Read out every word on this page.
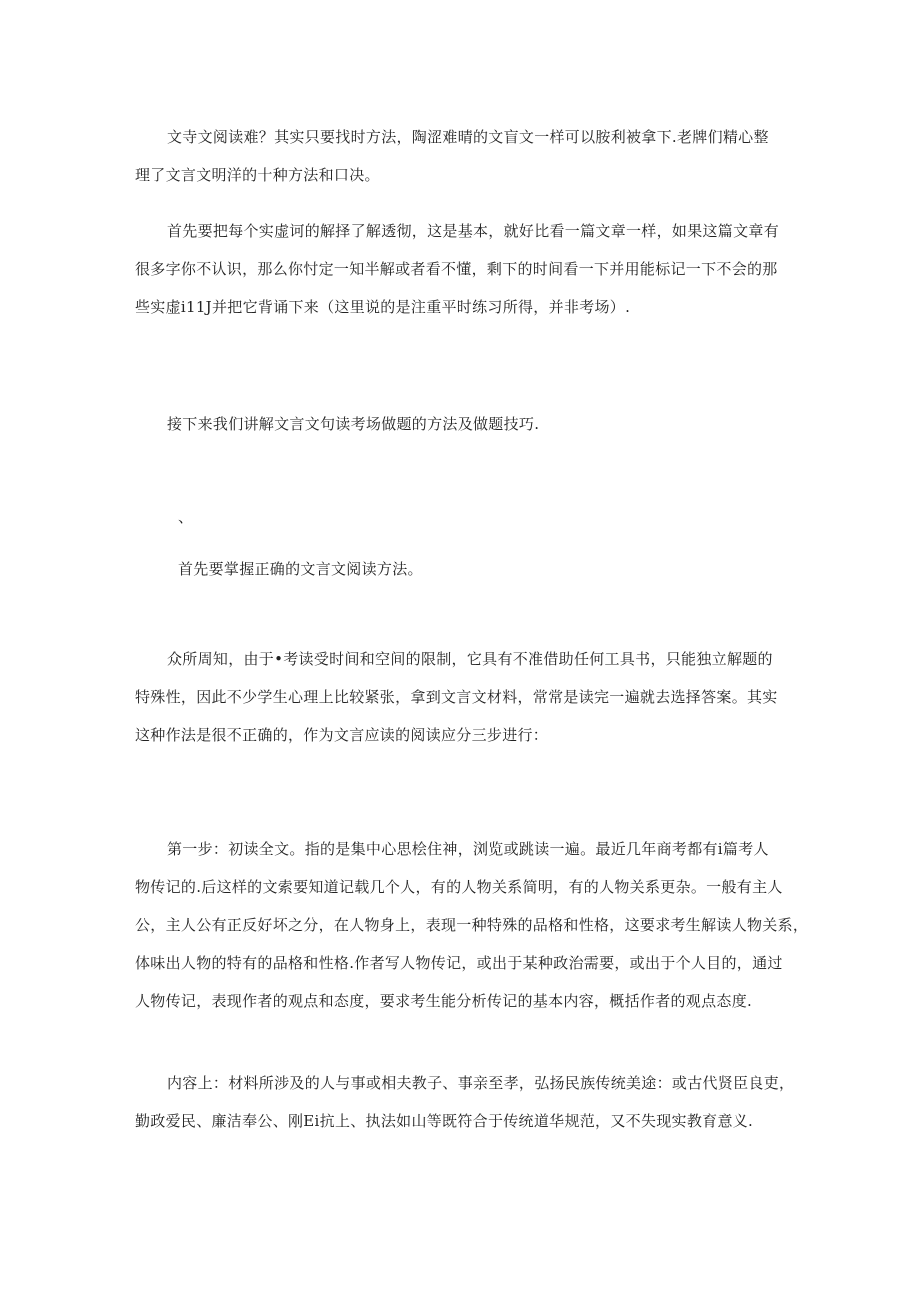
文寺文阅读难？其实只要找时方法，陶涩难晴的文盲文一样可以胺利被拿下.老牌们精心整
理了文言文明洋的十种方法和口决。

首先要把每个实虚诃的解择了解透彻，这是基本，就好比看一篇文章一样，如果这篇文章有
很多字你不认识，那么你忖定一知半解或者看不懂，剩下的时间看一下并用能标记一下不会的那
些实虚i11J并把它背诵下来（这里说的是注重平时练习所得，并非考场）.

接下来我们讲解文言文句读考场做题的方法及做题技巧.

、

首先要掌握正确的文言文阅读方法。

众所周知，由于•考读受时间和空间的限制，它具有不准借助任何工具书，只能独立解题的
特殊性，因此不少学生心理上比较紧张，拿到文言文材料，常常是读完一遍就去选择答案。其实
这种作法是很不正确的，作为文言应读的阅读应分三步进行：

第一步：初读全文。指的是集中心思桧住神，浏览或跳读一遍。最近几年商考都有i篇考人
物传记的.后这样的文索要知道记载几个人，有的人物关系简明，有的人物关系更杂。一般有主人
公，主人公有正反好坏之分，在人物身上，表现一种特殊的品格和性格，这要求考生解读人物关系，
体味出人物的特有的品格和性格.作者写人物传记，或出于某种政治需要，或出于个人目的，通过
人物传记，表现作者的观点和态度，要求考生能分析传记的基本内容，概括作者的观点态度.

内容上：材料所涉及的人与事或相夫教子、事亲至孝，弘扬民族传统美途：或古代贤臣良吏，
勤政爱民、廉洁奉公、刚Ei抗上、执法如山等既符合于传统道华规范，又不失现实教育意义.
